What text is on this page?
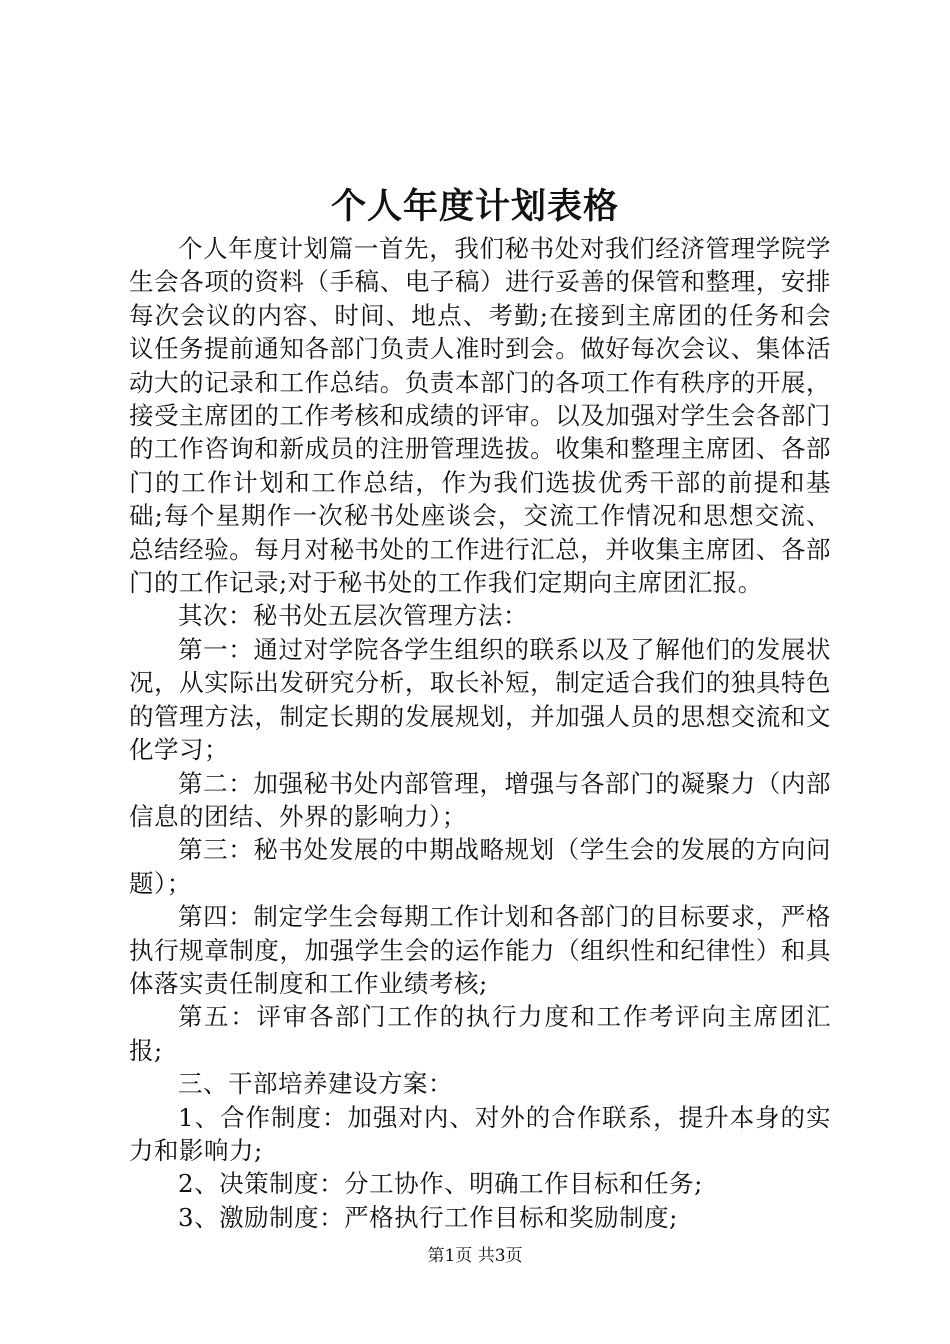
个人年度计划表格

个人年度计划篇一首先，我们秘书处对我们经济管理学院学生会各项的资料（手稿、电子稿）进行妥善的保管和整理，安排每次会议的内容、时间、地点、考勤;在接到主席团的任务和会议任务提前通知各部门负责人准时到会。做好每次会议、集体活动大的记录和工作总结。负责本部门的各项工作有秩序的开展，接受主席团的工作考核和成绩的评审。以及加强对学生会各部门的工作咨询和新成员的注册管理选拔。收集和整理主席团、各部门的工作计划和工作总结，作为我们选拔优秀干部的前提和基础;每个星期作一次秘书处座谈会，交流工作情况和思想交流、总结经验。每月对秘书处的工作进行汇总，并收集主席团、各部门的工作记录;对于秘书处的工作我们定期向主席团汇报。

其次：秘书处五层次管理方法：

第一：通过对学院各学生组织的联系以及了解他们的发展状况，从实际出发研究分析，取长补短，制定适合我们的独具特色的管理方法，制定长期的发展规划，并加强人员的思想交流和文化学习；

第二：加强秘书处内部管理，增强与各部门的凝聚力（内部信息的团结、外界的影响力）；

第三：秘书处发展的中期战略规划（学生会的发展的方向问题）；

第四：制定学生会每期工作计划和各部门的目标要求，严格执行规章制度，加强学生会的运作能力（组织性和纪律性）和具体落实责任制度和工作业绩考核;

第五：评审各部门工作的执行力度和工作考评向主席团汇报;

三、干部培养建设方案：

1、合作制度：加强对内、对外的合作联系，提升本身的实力和影响力;

2、决策制度：分工协作、明确工作目标和任务;

3、激励制度：严格执行工作目标和奖励制度;

第1页 共3页
